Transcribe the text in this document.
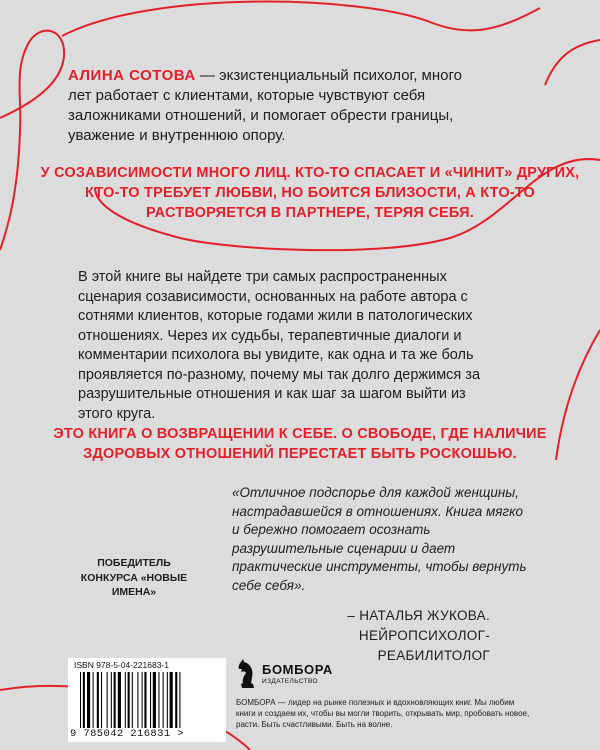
АЛИНА СОТОВА — экзистенциальный психолог, много лет работает с клиентами, которые чувствуют себя заложниками отношений, и помогает обрести границы, уважение и внутреннюю опору.
У СОЗАВИСИМОСТИ МНОГО ЛИЦ. КТО-ТО СПАСАЕТ И «ЧИНИТ» ДРУГИХ, КТО-ТО ТРЕБУЕТ ЛЮБВИ, НО БОИТСЯ БЛИЗОСТИ, А КТО-ТО РАСТВОРЯЕТСЯ В ПАРТНЕРЕ, ТЕРЯЯ СЕБЯ.
В этой книге вы найдете три самых распространенных сценария созависимости, основанных на работе автора с сотнями клиентов, которые годами жили в патологических отношениях. Через их судьбы, терапевтичные диалоги и комментарии психолога вы увидите, как одна и та же боль проявляется по-разному, почему мы так долго держимся за разрушительные отношения и как шаг за шагом выйти из этого круга.
ЭТО КНИГА О ВОЗВРАЩЕНИИ К СЕБЕ. О СВОБОДЕ, ГДЕ НАЛИЧИЕ ЗДОРОВЫХ ОТНОШЕНИЙ ПЕРЕСТАЕТ БЫТЬ РОСКОШЬЮ.
«Отличное подспорье для каждой женщины, настрадавшейся в отношениях. Книга мягко и бережно помогает осознать разрушительные сценарии и дает практические инструменты, чтобы вернуть себе себя».
– НАТАЛЬЯ ЖУКОВА.
НЕЙРОПСИХОЛОГ-РЕАБИЛИТОЛОГ
ПОБЕДИТЕЛЬ КОНКУРСА «НОВЫЕ ИМЕНА»
ISBN 978-5-04-221683-1
9 785042 216831 >
БОМБОРА
ИЗДАТЕЛЬСТВО
БОМБОРА — лидер на рынке полезных и вдохновляющих книг. Мы любим книги и создаем их, чтобы вы могли творить, открывать мир, пробовать новое, расти. Быть счастливыми. Быть на волне.
